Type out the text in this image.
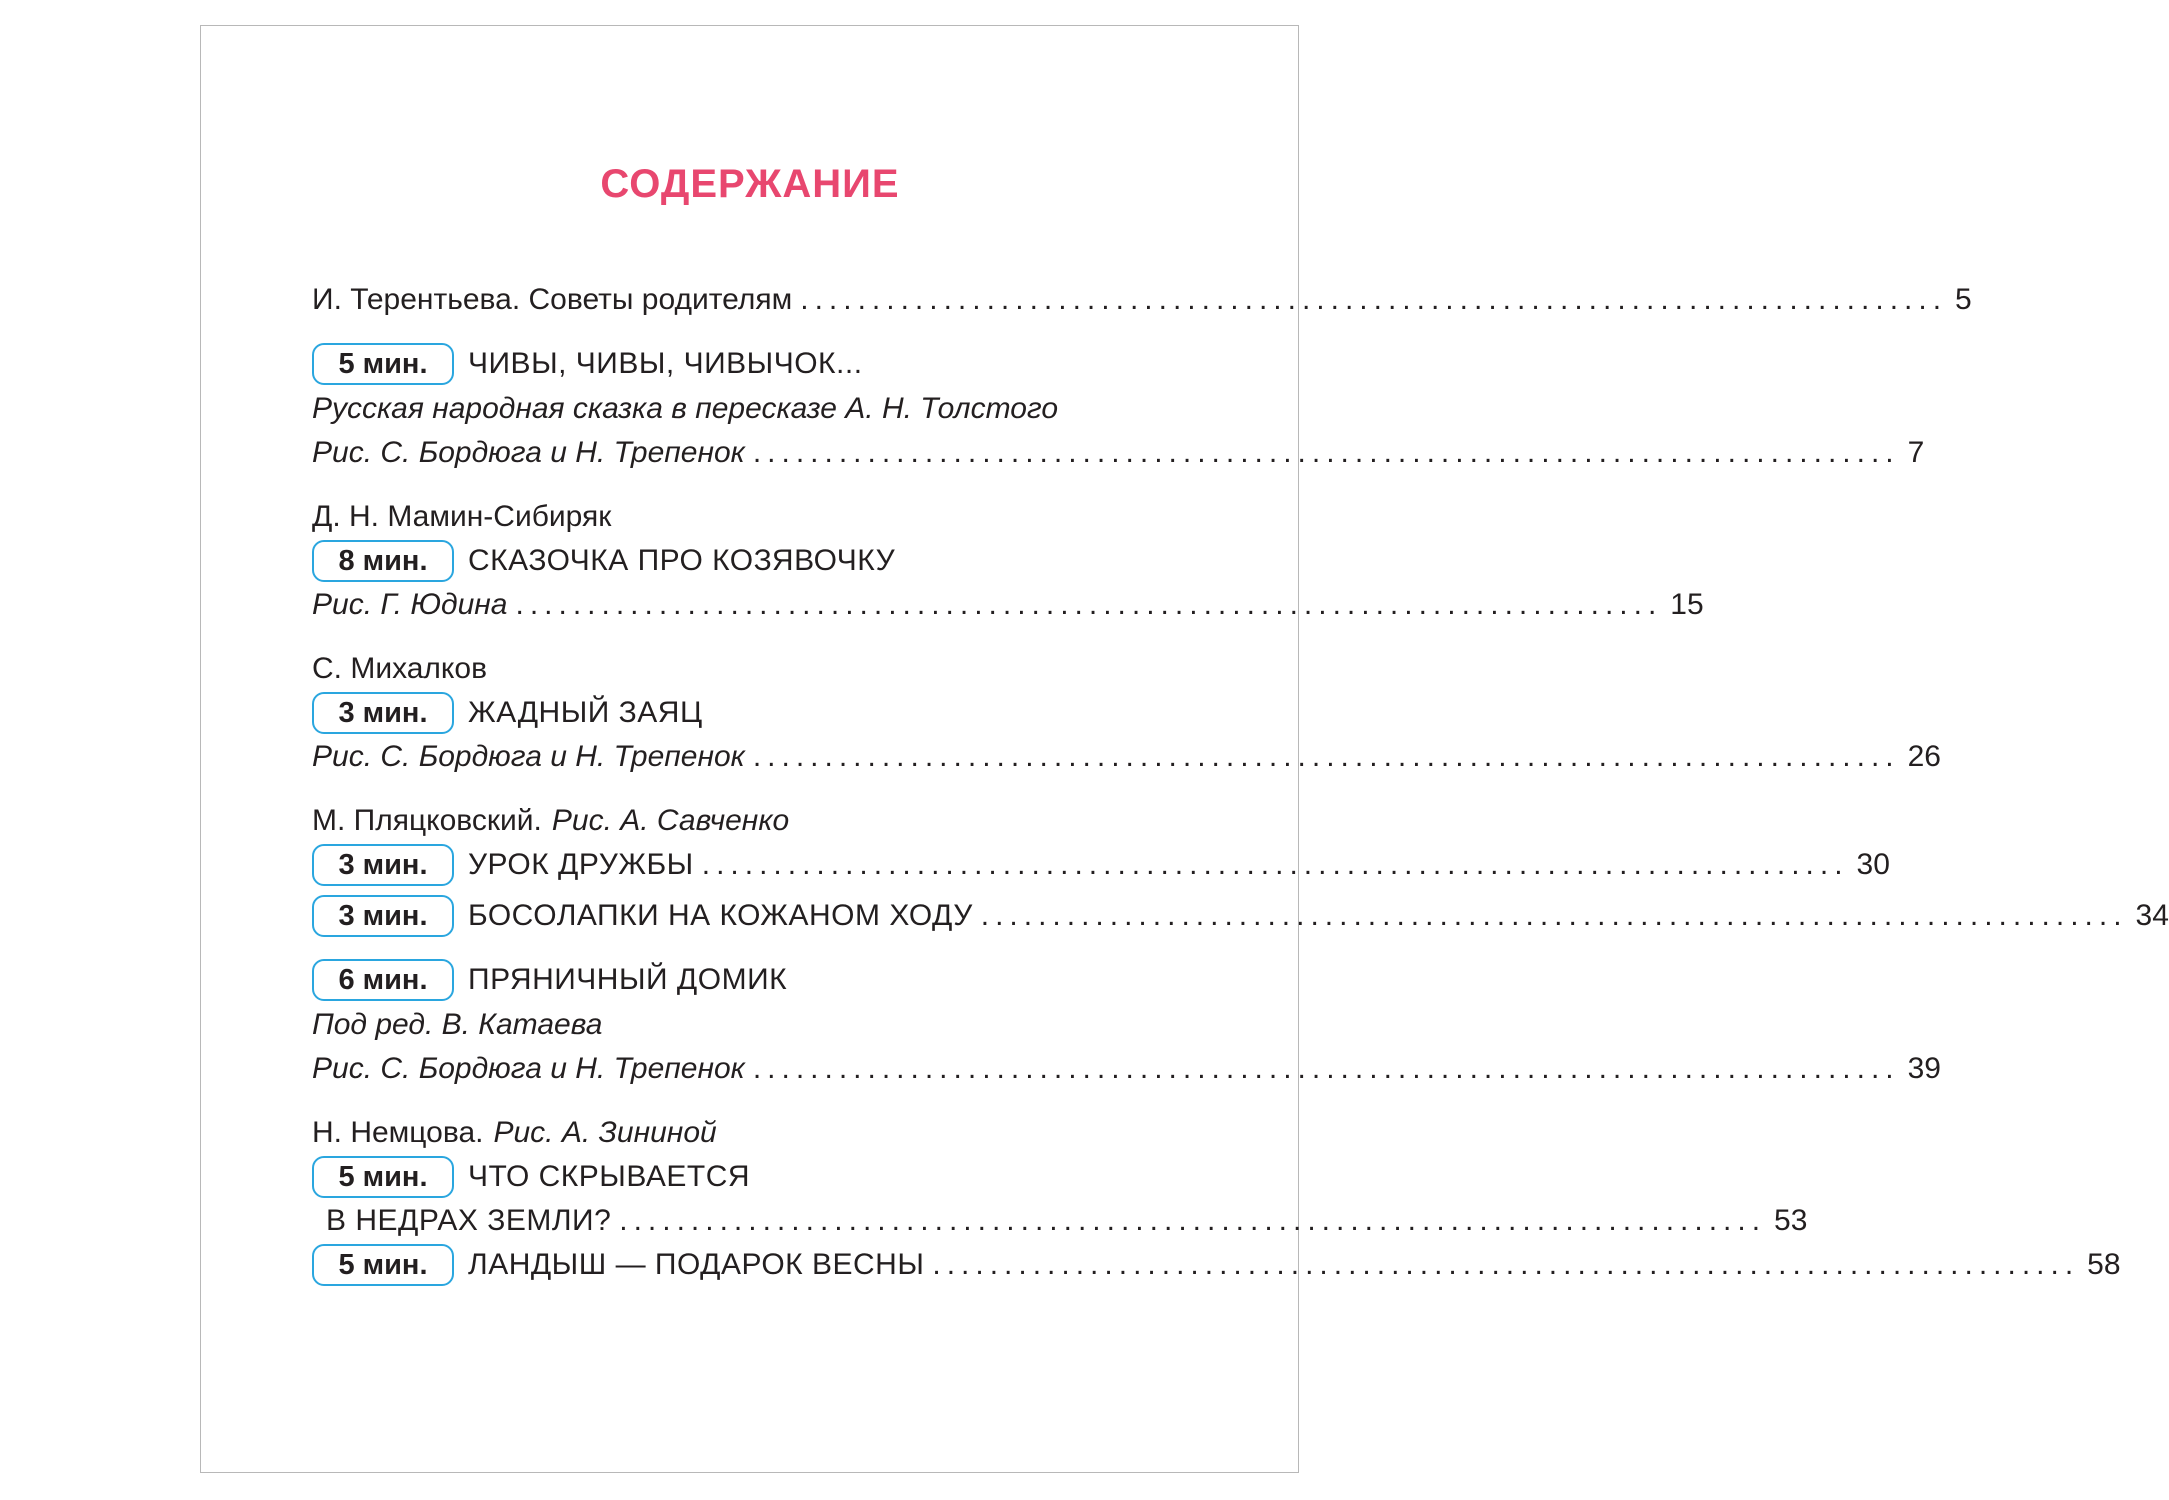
СОДЕРЖАНИЕ
И. Терентьева. Советы родителям ................................................................................ 5
5 мин.	ЧИВЫ, ЧИВЫ, ЧИВЫЧОК...
Русская народная сказка в пересказе А. Н. Толстого
Рис. С. Бордюга и Н. Трепенок ................................................................................ 7
Д. Н. Мамин-Сибиряк
8 мин.	СКАЗОЧКА ПРО КОЗЯВОЧКУ
Рис. Г. Юдина ................................................................................ 15
С. Михалков
3 мин.	ЖАДНЫЙ ЗАЯЦ
Рис. С. Бордюга и Н. Трепенок ................................................................................ 26
М. Пляцковский. Рис. А. Савченко
3 мин.	УРОК ДРУЖБЫ ................................................................................ 30
3 мин.	БОСОЛАПКИ НА КОЖАНОМ ХОДУ ................................................................................ 34
6 мин.	ПРЯНИЧНЫЙ ДОМИК
Под ред. В. Катаева
Рис. С. Бордюга и Н. Трепенок ................................................................................ 39
Н. Немцова. Рис. А. Зининой
5 мин.	ЧТО СКРЫВАЕТСЯ
В НЕДРАХ ЗЕМЛИ? ................................................................................ 53
5 мин.	ЛАНДЫШ — ПОДАРОК ВЕСНЫ ................................................................................ 58
